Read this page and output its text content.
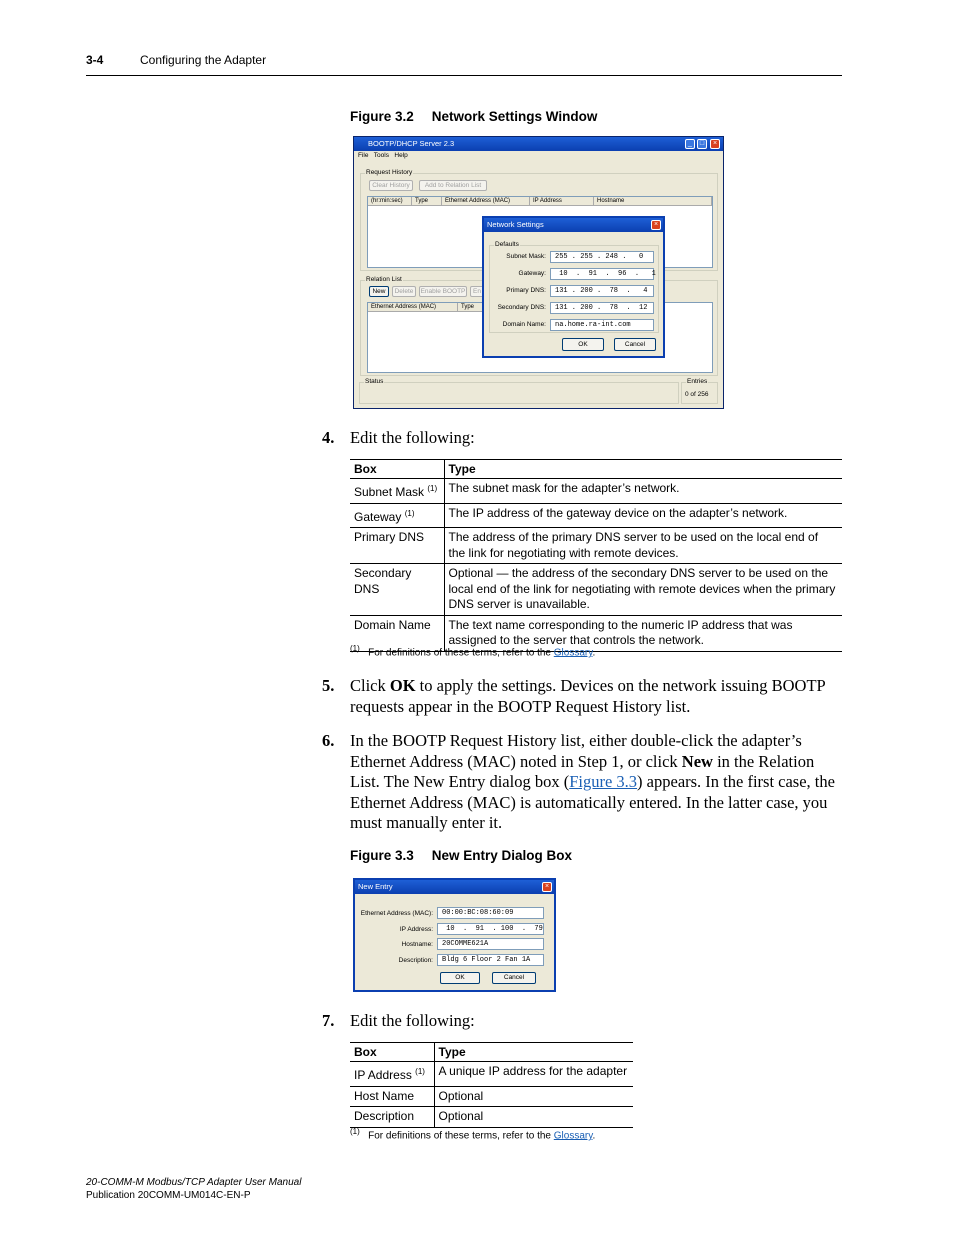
3-4	Configuring the Adapter
Figure 3.2 Network Settings Window
BOOTP/DHCP Server 2.3	_	□	×
File Tools Help
Request History
Clear History	Add to Relation List
(hr:min:sec)	Type	Ethernet Address (MAC)	IP Address	Hostname
Relation List
New	Delete	Enable BOOTP	En
Ethernet Address (MAC)	Type
Status	Entries
0 of 256
Network Settings	×
Defaults
Subnet Mask:	255 . 255 . 248 .   0
Gateway:	10  .  91  .  96  .   1
Primary DNS:	131 . 200 .  78  .   4
Secondary DNS:	131 . 200 .  78  .  12
Domain Name:	na.home.ra-int.com
OK	Cancel
4. Edit the following:
Box	Type
Subnet Mask $^{(1)}$	The subnet mask for the adapter’s network.
Gateway $^{(1)}$	The IP address of the gateway device on the adapter’s network.
Primary DNS	The address of the primary DNS server to be used on the local end of the link for negotiating with remote devices.
Secondary DNS	Optional — the address of the secondary DNS server to be used on the local end of the link for negotiating with remote devices when the primary DNS server is unavailable.
Domain Name	The text name corresponding to the numeric IP address that was assigned to the server that controls the network.
$^{(1)}$ For definitions of these terms, refer to the Glossary.
5. Click OK to apply the settings. Devices on the network issuing BOOTP requests appear in the BOOTP Request History list.
6. In the BOOTP Request History list, either double-click the adapter’s Ethernet Address (MAC) noted in Step 1, or click New in the Relation List. The New Entry dialog box (Figure 3.3) appears. In the first case, the Ethernet Address (MAC) is automatically entered. In the latter case, you must manually enter it.
Figure 3.3 New Entry Dialog Box
New Entry	×
Ethernet Address (MAC):	00:00:BC:08:60:09
IP Address:	10  .  91  . 100  .  79
Hostname:	20COMME621A
Description:	Bldg 6 Floor 2 Fan 1A
OK	Cancel
7. Edit the following:
Box	Type
IP Address $^{(1)}$	A unique IP address for the adapter
Host Name	Optional
Description	Optional
$^{(1)}$ For definitions of these terms, refer to the Glossary.
20-COMM-M Modbus/TCP Adapter User Manual
Publication 20COMM-UM014C-EN-P
